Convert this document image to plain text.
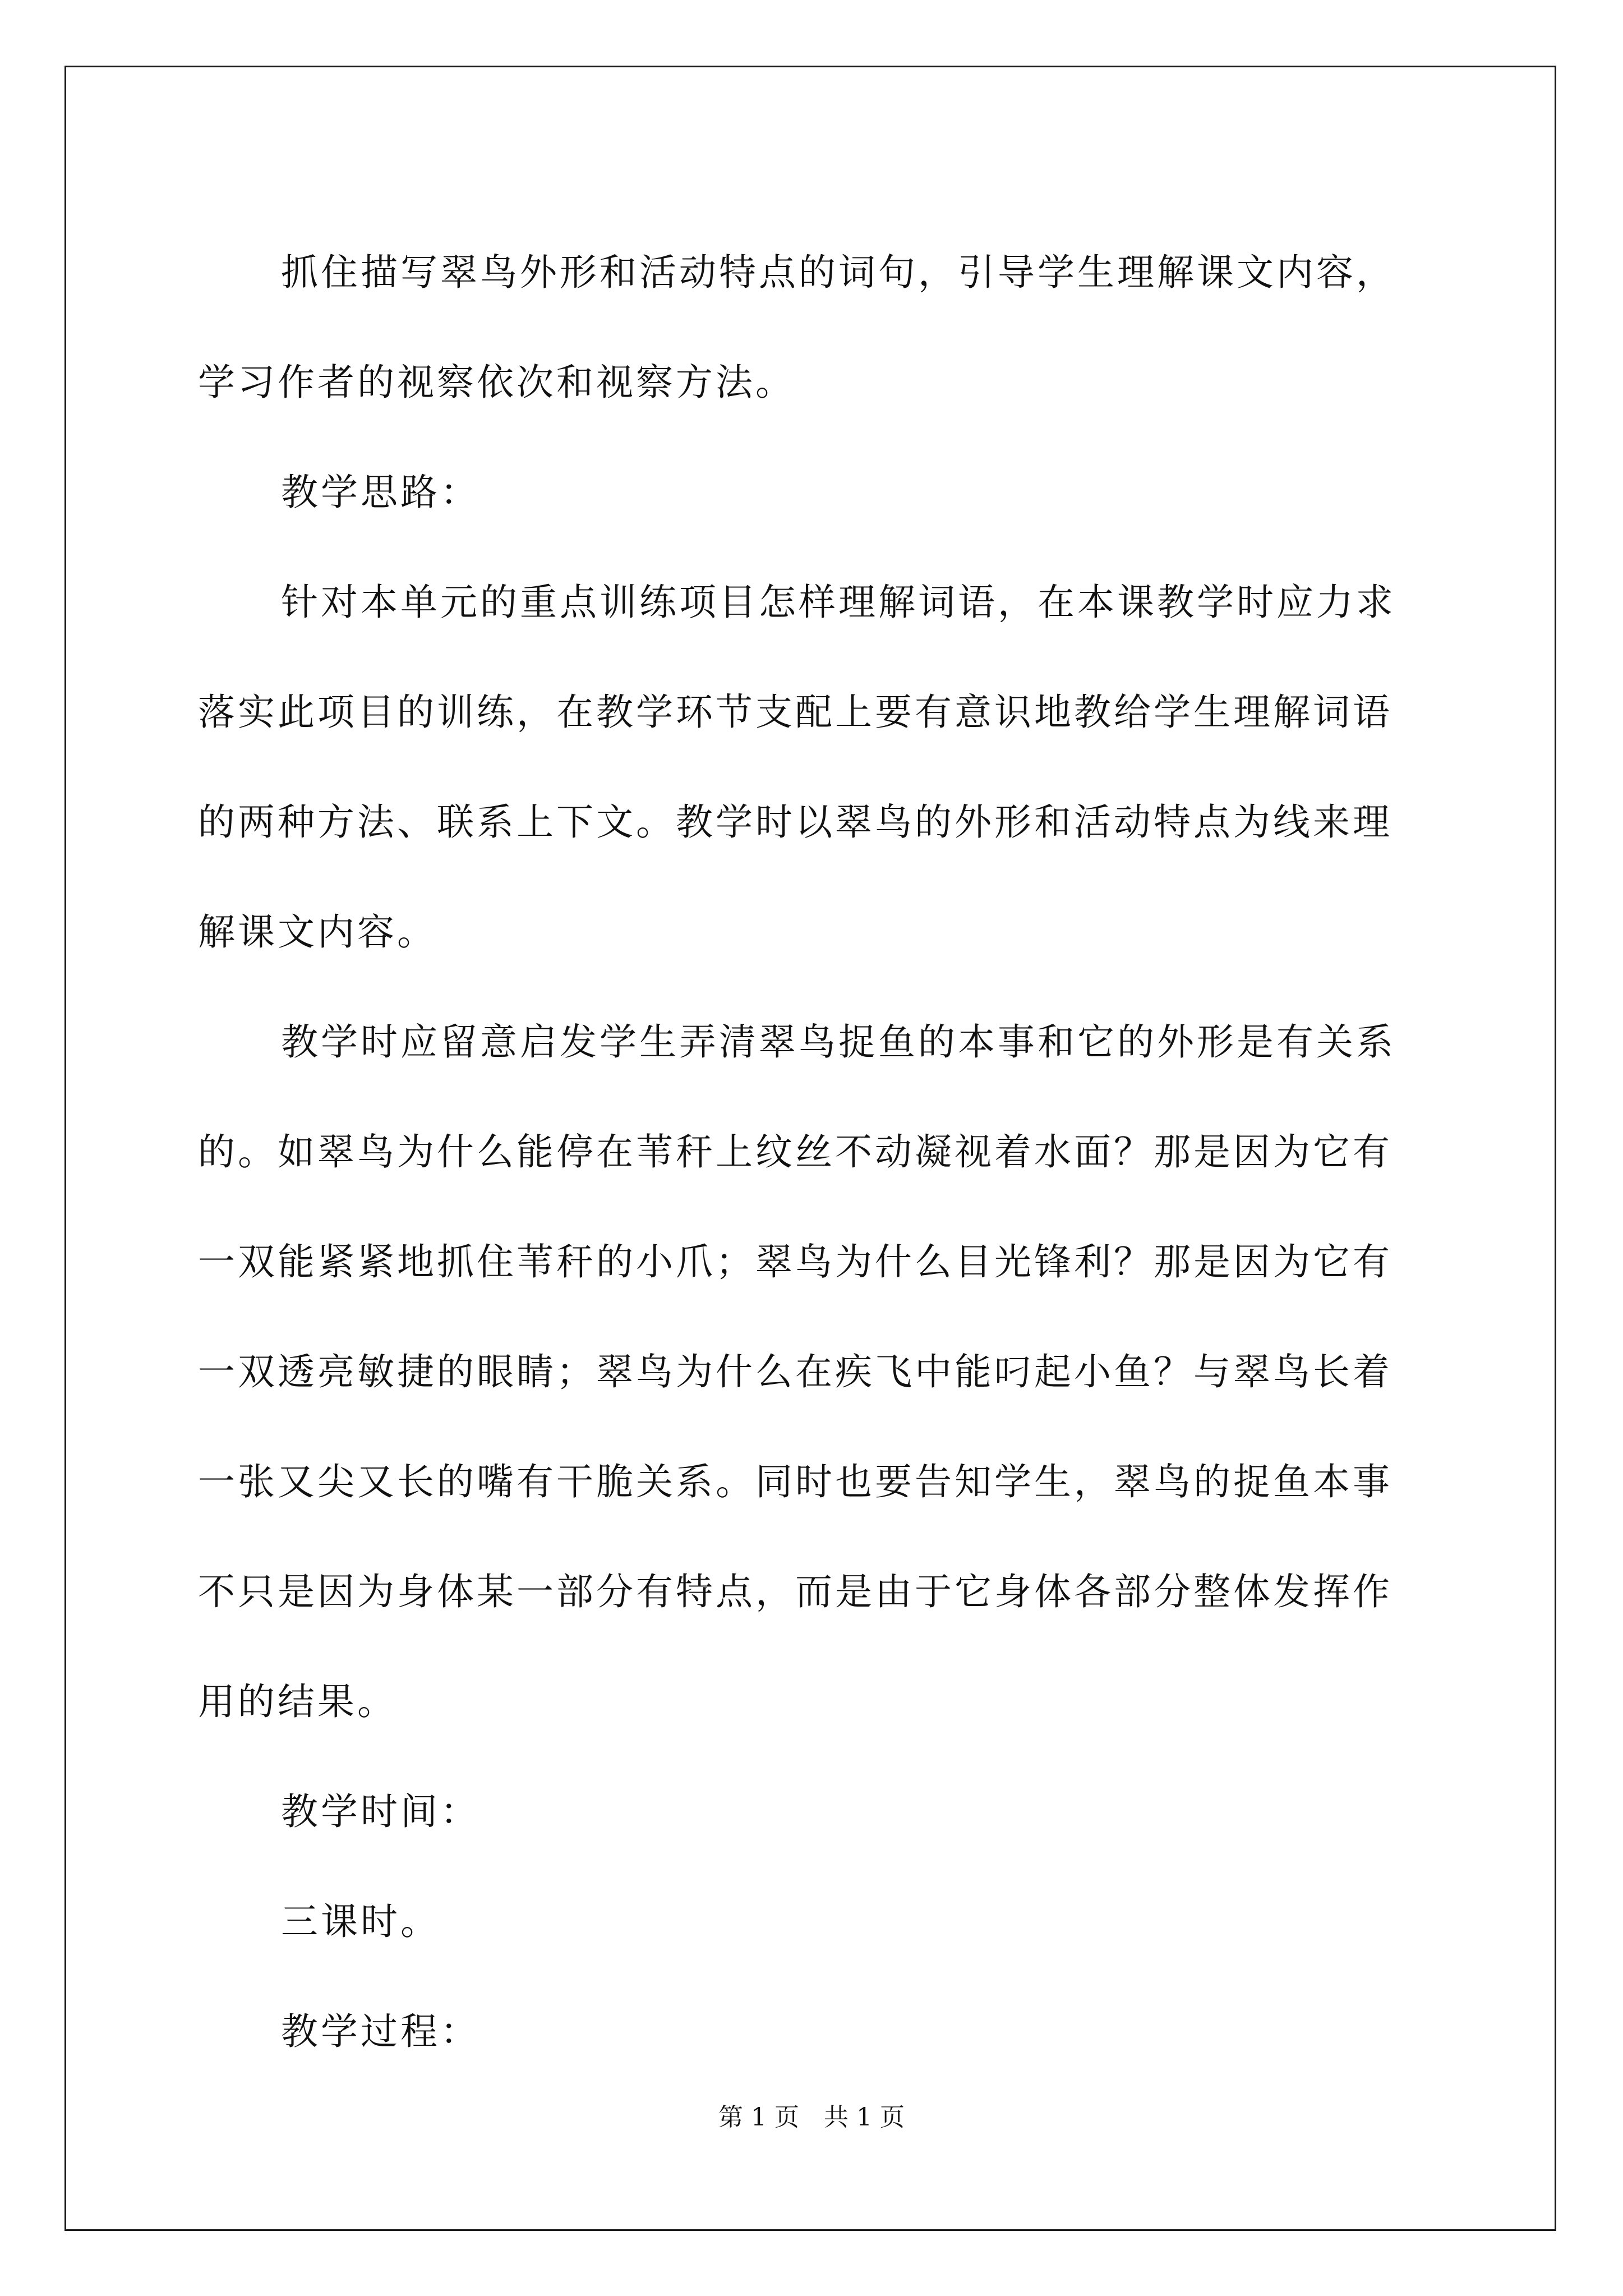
抓住描写翠鸟外形和活动特点的词句，引导学生理解课文内容，
学习作者的视察依次和视察方法。

教学思路：

针对本单元的重点训练项目怎样理解词语，在本课教学时应力求
落实此项目的训练，在教学环节支配上要有意识地教给学生理解词语
的两种方法、联系上下文。教学时以翠鸟的外形和活动特点为线来理
解课文内容。

教学时应留意启发学生弄清翠鸟捉鱼的本事和它的外形是有关系
的。如翠鸟为什么能停在苇秆上纹丝不动凝视着水面？那是因为它有
一双能紧紧地抓住苇秆的小爪；翠鸟为什么目光锋利？那是因为它有
一双透亮敏捷的眼睛；翠鸟为什么在疾飞中能叼起小鱼？与翠鸟长着
一张又尖又长的嘴有干脆关系。同时也要告知学生，翠鸟的捉鱼本事
不只是因为身体某一部分有特点，而是由于它身体各部分整体发挥作
用的结果。

教学时间：

三课时。

教学过程：

第 1 页　共 1 页
